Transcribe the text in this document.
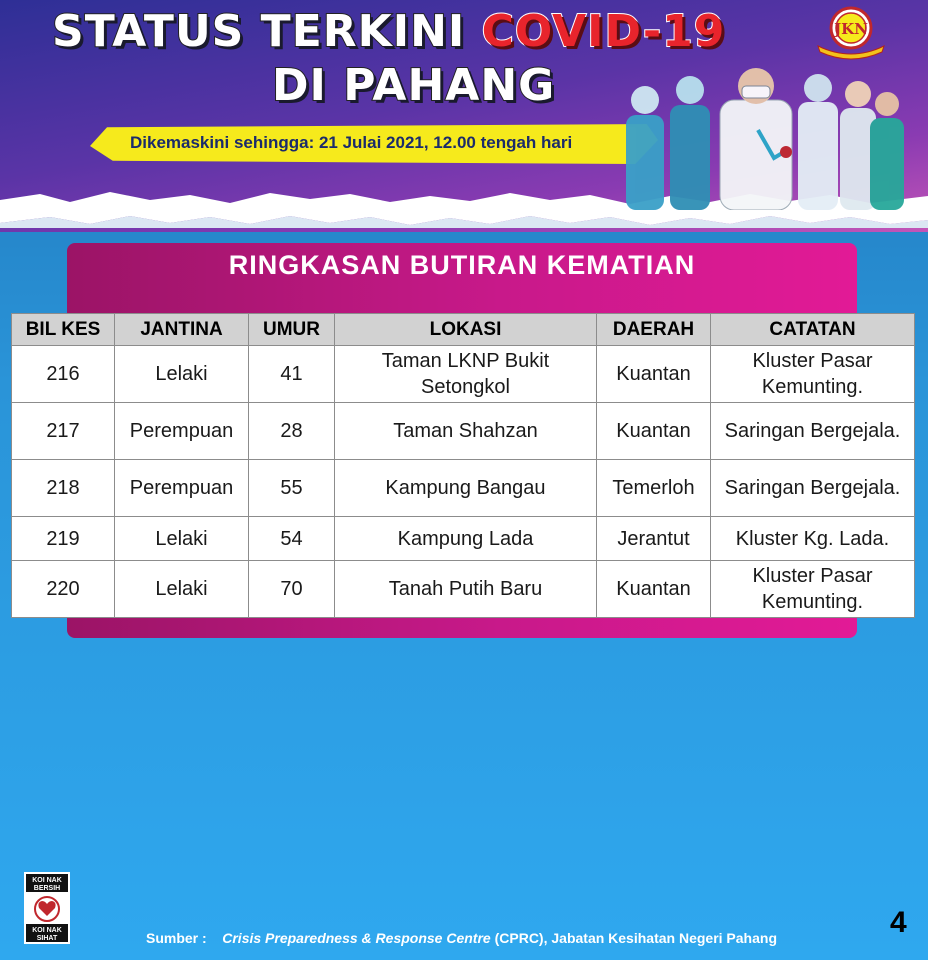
STATUS TERKINI COVID-19
DI PAHANG
Dikemaskini sehingga: 21 Julai 2021, 12.00 tengah hari
JKN
RINGKASAN BUTIRAN KEMATIAN
BIL KES	JANTINA	UMUR	LOKASI	DAERAH	CATATAN
216	Lelaki	41	Taman LKNP Bukit Setongkol	Kuantan	Kluster Pasar Kemunting.
217	Perempuan	28	Taman Shahzan	Kuantan	Saringan Bergejala.
218	Perempuan	55	Kampung Bangau	Temerloh	Saringan Bergejala.
219	Lelaki	54	Kampung Lada	Jerantut	Kluster Kg. Lada.
220	Lelaki	70	Tanah Putih Baru	Kuantan	Kluster Pasar Kemunting.
KOI NAK
BERSIH
KOI NAK
SIHAT	Sumber : Crisis Preparedness & Response Centre (CPRC), Jabatan Kesihatan Negeri Pahang	4
